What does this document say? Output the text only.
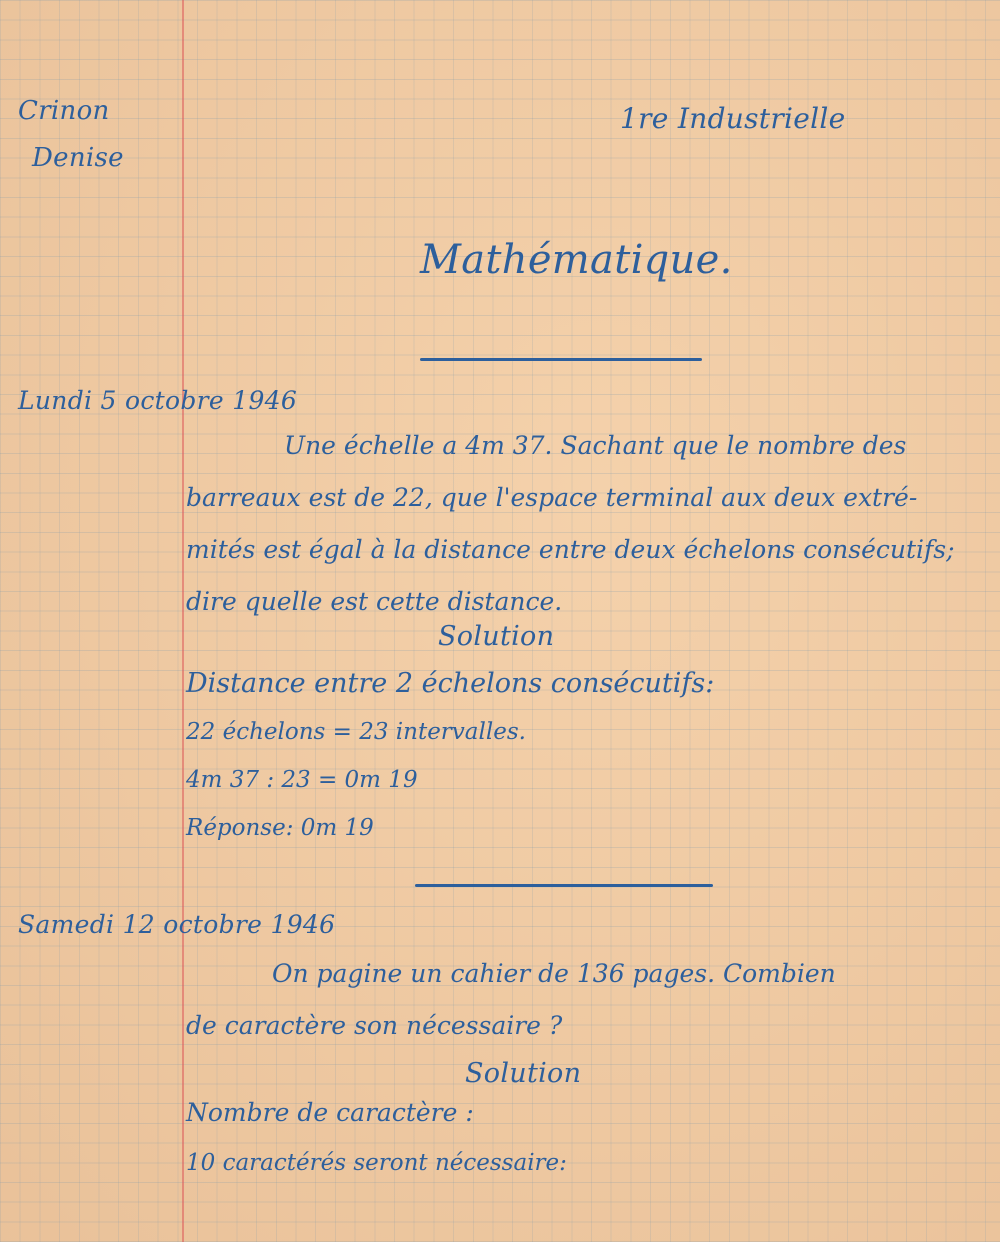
Crinon
Denise
1re Industrielle
Mathématique.
Lundi 5 octobre 1946
Une échelle a 4m 37. Sachant que le nombre des
barreaux est de 22, que l'espace terminal aux deux extré-
mités est égal à la distance entre deux échelons consécutifs;
dire quelle est cette distance.
Solution
Distance entre 2 échelons consécutifs:
22 échelons = 23 intervalles.
4m 37 : 23 = 0m 19
Réponse: 0m 19
Samedi 12 octobre 1946
On pagine un cahier de 136 pages. Combien
de caractère son nécessaire ?
Solution
Nombre de caractère :
10 caractérés seront nécessaire:
